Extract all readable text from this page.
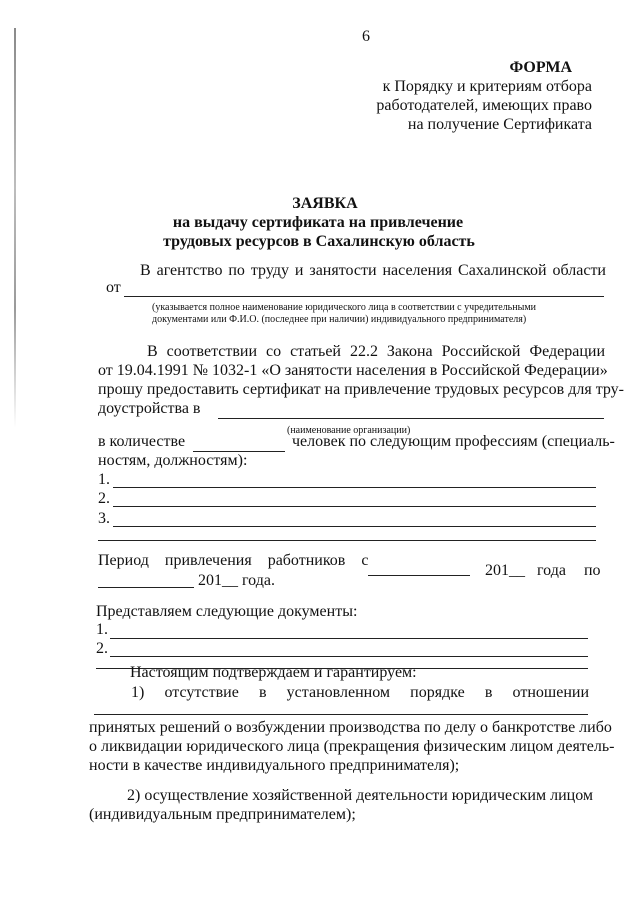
6
ФОРМА
к Порядку и критериям отбора
работодателей, имеющих право
на получение Сертификата
ЗАЯВКА
на выдачу сертификата на привлечение
трудовых ресурсов в Сахалинскую область
В агентство по труду и занятости населения Сахалинской области
от
(указывается полное наименование юридического лица в соответствии с учредительными
документами или Ф.И.О. (последнее при наличии) индивидуального предпринимателя)
В соответствии со статьей 22.2 Закона Российской Федерации
от 19.04.1991 № 1032-1 «О занятости населения в Российской Федерации»
прошу предоставить сертификат на привлечение трудовых ресурсов для тру-
доустройства в
(наименование организации)
в количестве	человек по следующим профессиям (специаль-
ностям, должностям):
1.
2.
3.
Период привлечения работников с
201__ года по
201__ года.
Представляем следующие документы:
1.
2.
Настоящим подтверждаем и гарантируем:
1) отсутствие в установленном порядке в отношении
принятых решений о возбуждении производства по делу о банкротстве либо
о ликвидации юридического лица (прекращения физическим лицом деятель-
ности в качестве индивидуального предпринимателя);
2) осуществление хозяйственной деятельности юридическим лицом
(индивидуальным предпринимателем);
